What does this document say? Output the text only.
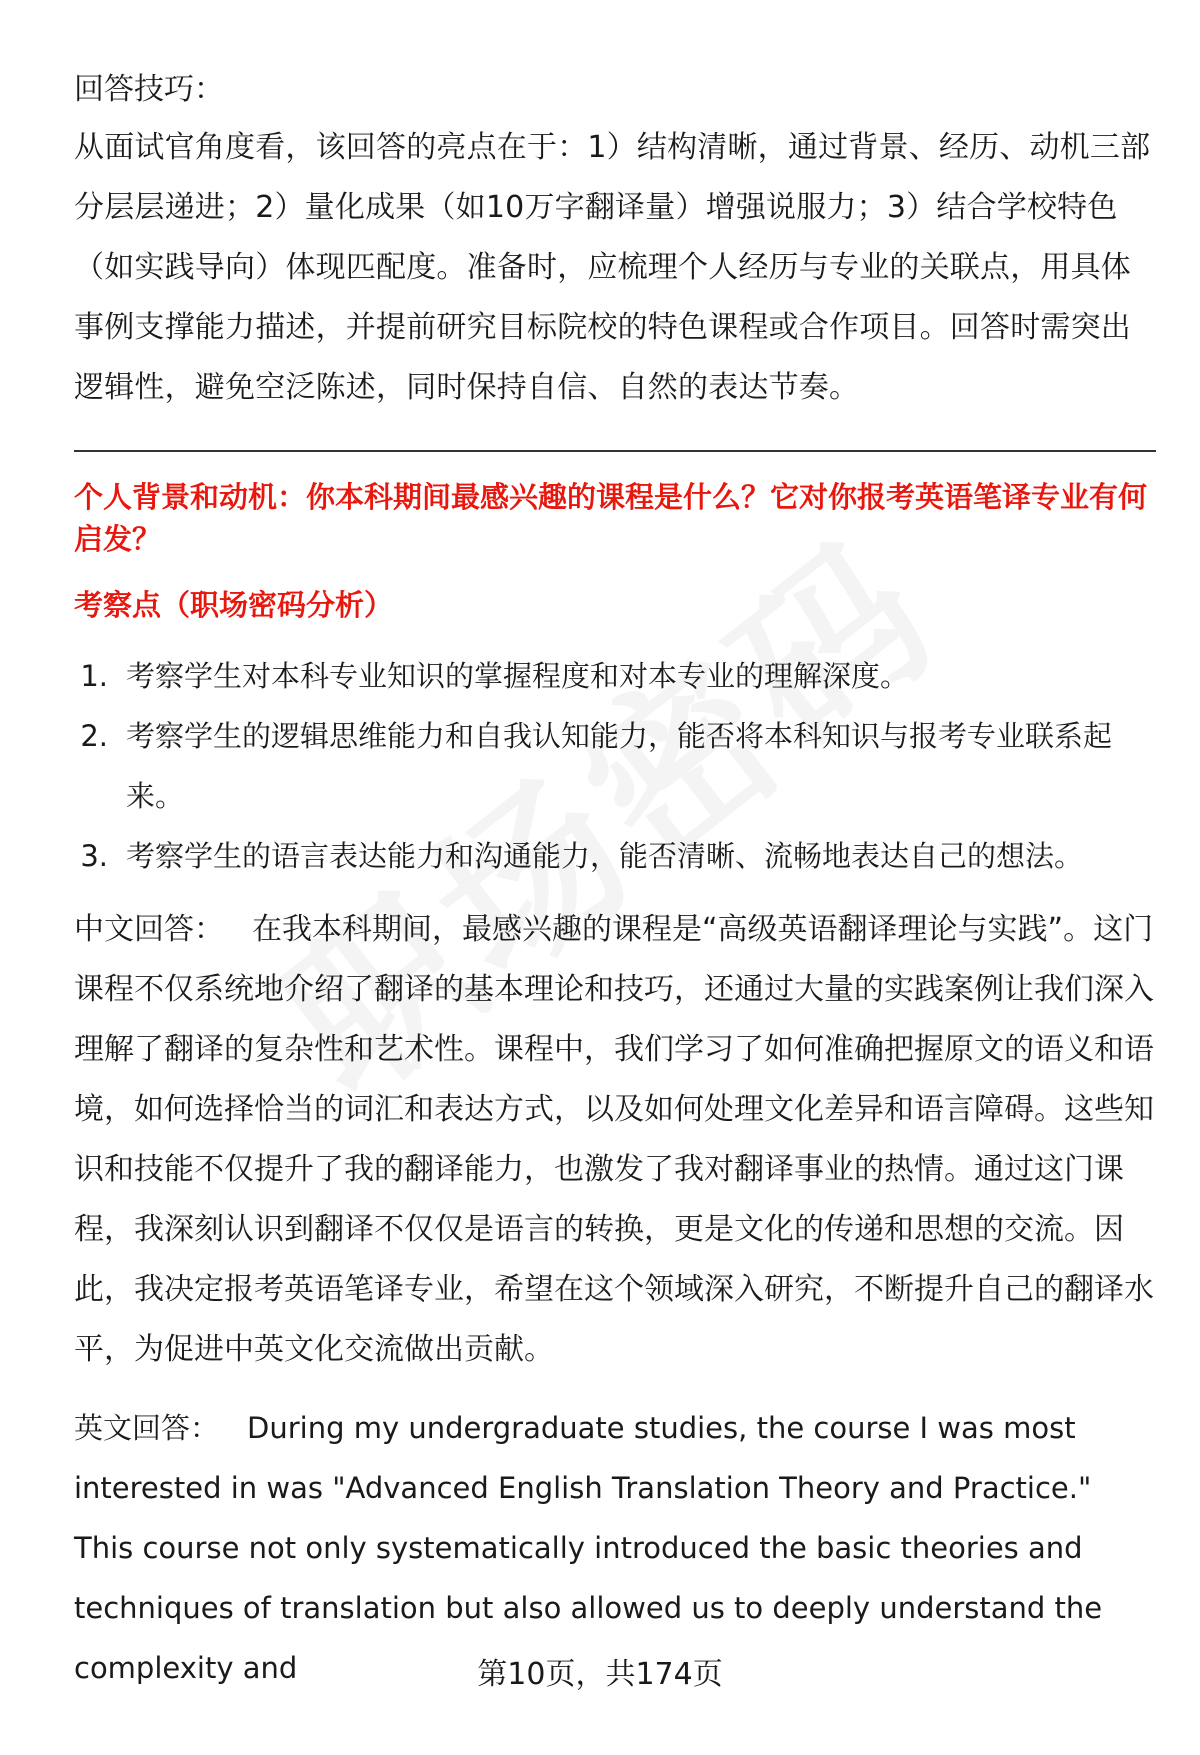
回答技巧：

从面试官角度看，该回答的亮点在于：1）结构清晰，通过背景、经历、动机三部分层层递进；2）量化成果（如10万字翻译量）增强说服力；3）结合学校特色（如实践导向）体现匹配度。准备时，应梳理个人经历与专业的关联点，用具体事例支撑能力描述，并提前研究目标院校的特色课程或合作项目。回答时需突出逻辑性，避免空泛陈述，同时保持自信、自然的表达节奏。

个人背景和动机：你本科期间最感兴趣的课程是什么？它对你报考英语笔译专业有何启发？

考察点（职场密码分析）

1. 考察学生对本科专业知识的掌握程度和对本专业的理解深度。
2. 考察学生的逻辑思维能力和自我认知能力，能否将本科知识与报考专业联系起来。
3. 考察学生的语言表达能力和沟通能力，能否清晰、流畅地表达自己的想法。

中文回答： 在我本科期间，最感兴趣的课程是“高级英语翻译理论与实践”。这门课程不仅系统地介绍了翻译的基本理论和技巧，还通过大量的实践案例让我们深入理解了翻译的复杂性和艺术性。课程中，我们学习了如何准确把握原文的语义和语境，如何选择恰当的词汇和表达方式，以及如何处理文化差异和语言障碍。这些知识和技能不仅提升了我的翻译能力，也激发了我对翻译事业的热情。通过这门课程，我深刻认识到翻译不仅仅是语言的转换，更是文化的传递和思想的交流。因此，我决定报考英语笔译专业，希望在这个领域深入研究，不断提升自己的翻译水平，为促进中英文化交流做出贡献。

英文回答： During my undergraduate studies, the course I was most interested in was "Advanced English Translation Theory and Practice." This course not only systematically introduced the basic theories and techniques of translation but also allowed us to deeply understand the complexity and	第10页，共174页
